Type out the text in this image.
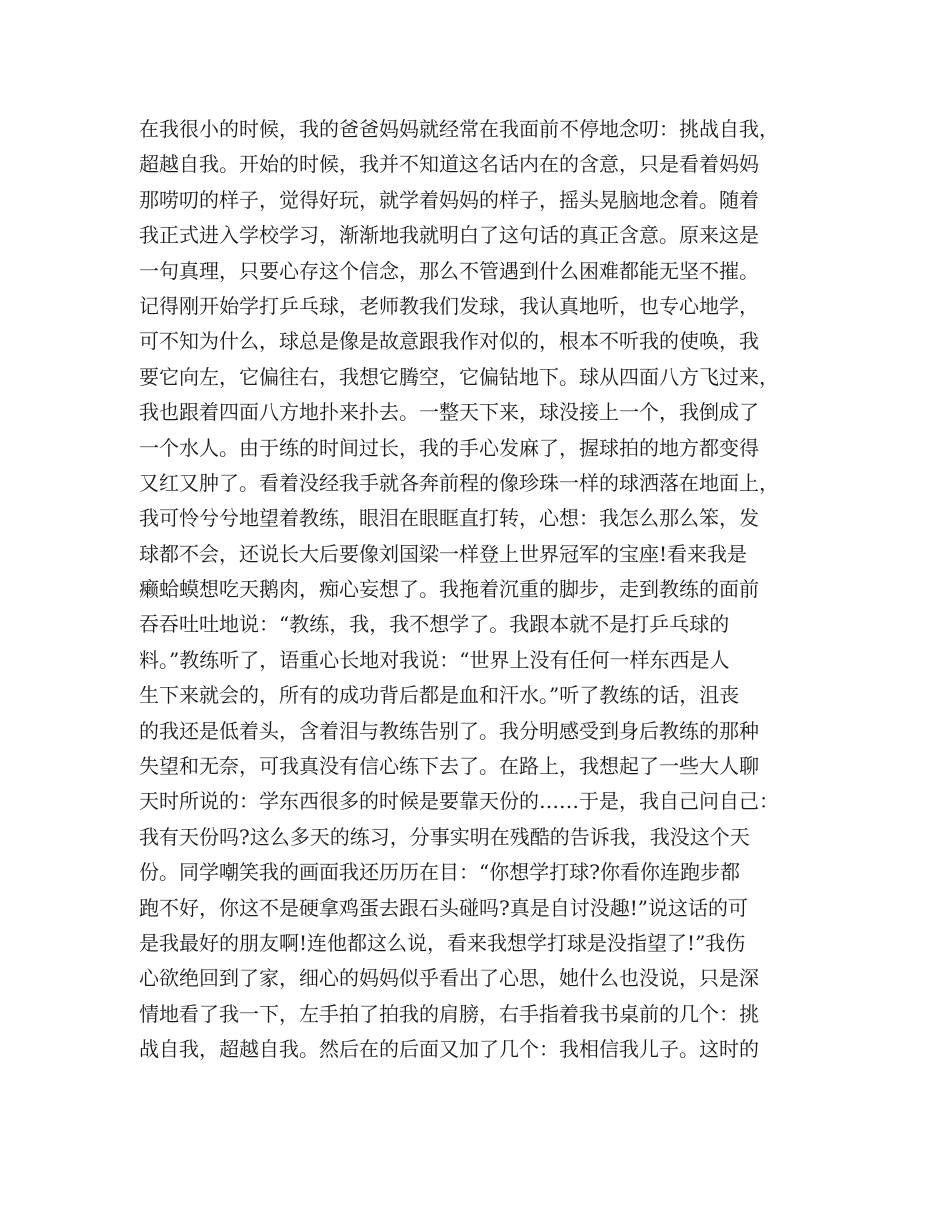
在我很小的时候，我的爸爸妈妈就经常在我面前不停地念叨：挑战自我，
超越自我。开始的时候，我并不知道这名话内在的含意，只是看着妈妈
那唠叨的样子，觉得好玩，就学着妈妈的样子，摇头晃脑地念着。随着
我正式进入学校学习，渐渐地我就明白了这句话的真正含意。原来这是
一句真理，只要心存这个信念，那么不管遇到什么困难都能无坚不摧。
记得刚开始学打乒乓球，老师教我们发球，我认真地听，也专心地学，
可不知为什么，球总是像是故意跟我作对似的，根本不听我的使唤，我
要它向左，它偏往右，我想它腾空，它偏钻地下。球从四面八方飞过来，
我也跟着四面八方地扑来扑去。一整天下来，球没接上一个，我倒成了
一个水人。由于练的时间过长，我的手心发麻了，握球拍的地方都变得
又红又肿了。看着没经我手就各奔前程的像珍珠一样的球洒落在地面上，
我可怜兮兮地望着教练，眼泪在眼眶直打转，心想：我怎么那么笨，发
球都不会，还说长大后要像刘国梁一样登上世界冠军的宝座!看来我是
癞蛤蟆想吃天鹅肉，痴心妄想了。我拖着沉重的脚步，走到教练的面前
吞吞吐吐地说：“教练，我，我不想学了。我跟本就不是打乒乓球的
料。”教练听了，语重心长地对我说：“世界上没有任何一样东西是人
生下来就会的，所有的成功背后都是血和汗水。”听了教练的话，沮丧
的我还是低着头，含着泪与教练告别了。我分明感受到身后教练的那种
失望和无奈，可我真没有信心练下去了。在路上，我想起了一些大人聊
天时所说的：学东西很多的时候是要靠天份的……于是，我自己问自己：
我有天份吗?这么多天的练习，分事实明在残酷的告诉我，我没这个天
份。同学嘲笑我的画面我还历历在目：“你想学打球?你看你连跑步都
跑不好，你这不是硬拿鸡蛋去跟石头碰吗?真是自讨没趣!”说这话的可
是我最好的朋友啊!连他都这么说，看来我想学打球是没指望了!”我伤
心欲绝回到了家，细心的妈妈似乎看出了心思，她什么也没说，只是深
情地看了我一下，左手拍了拍我的肩膀，右手指着我书桌前的几个：挑
战自我，超越自我。然后在的后面又加了几个：我相信我儿子。这时的
